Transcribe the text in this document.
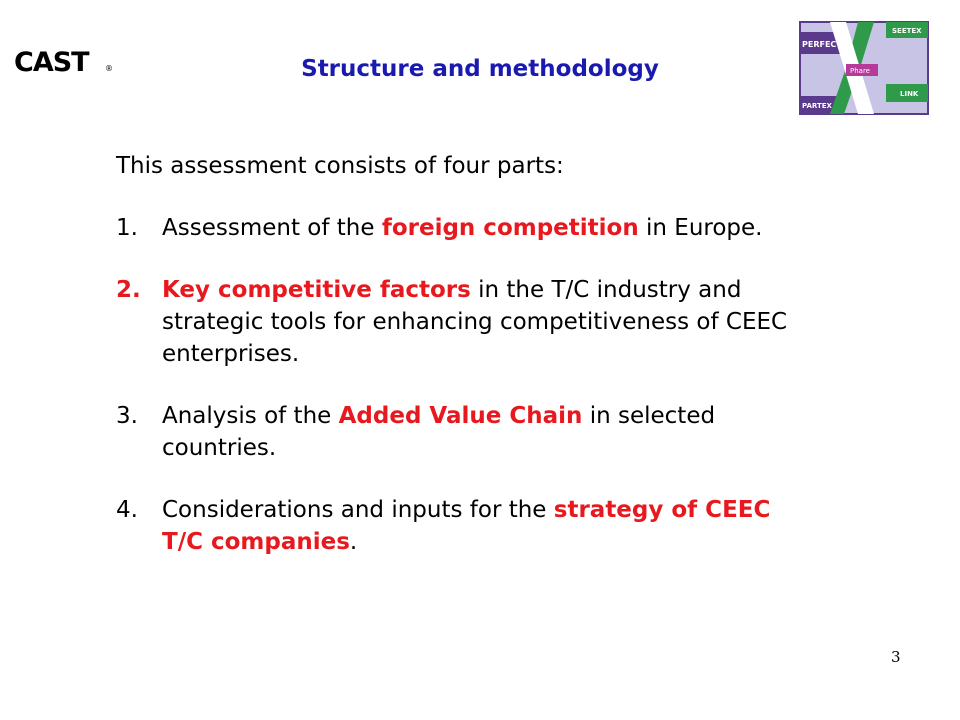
CAST ®	Structure and methodology
PERFECT
SEETEX
Phare
PARTEX
LINK
This assessment consists of four parts:
1.	Assessment of the foreign competition in Europe.
2. Key competitive factors in the T/C industry and strategic tools for enhancing competitiveness of CEEC enterprises.
3.	Analysis of the Added Value Chain in selected countries.
4.	Considerations and inputs for the strategy of CEEC T/C companies.
3
